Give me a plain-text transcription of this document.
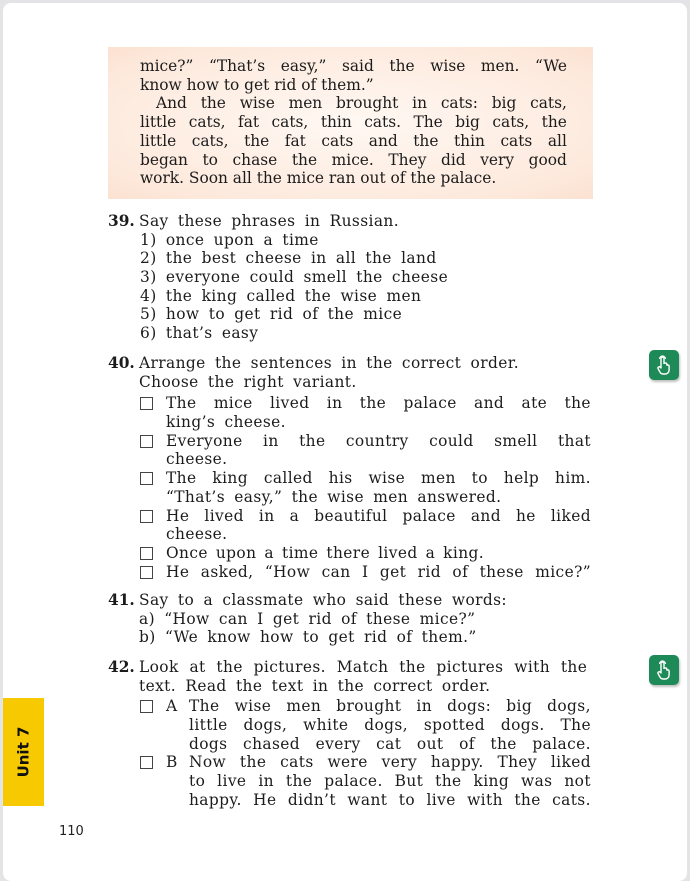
mice?” “That’s easy,” said the wise men. “We
know how to get rid of them.”
And the wise men brought in cats: big cats,
little cats, fat cats, thin cats. The big cats, the
little cats, the fat cats and the thin cats all
began to chase the mice. They did very good
work. Soon all the mice ran out of the palace.
39. Say these phrases in Russian.
1) once upon a time
2) the best cheese in all the land
3) everyone could smell the cheese
4) the king called the wise men
5) how to get rid of the mice
6) that’s easy
40. Arrange the sentences in the correct order.
Choose the right variant.
The mice lived in the palace and ate the
king’s cheese.
Everyone in the country could smell that
cheese.
The king called his wise men to help him.
“That’s easy,” the wise men answered.
He lived in a beautiful palace and he liked
cheese.
Once upon a time there lived a king.
He asked, “How can I get rid of these mice?”
41. Say to a classmate who said these words:
a) “How can I get rid of these mice?”
b) “We know how to get rid of them.”
42. Look at the pictures. Match the pictures with the
text. Read the text in the correct order.
A The wise men brought in dogs: big dogs,
little dogs, white dogs, spotted dogs. The
dogs chased every cat out of the palace.
B Now the cats were very happy. They liked
to live in the palace. But the king was not
happy. He didn’t want to live with the cats.
Unit 7
110
